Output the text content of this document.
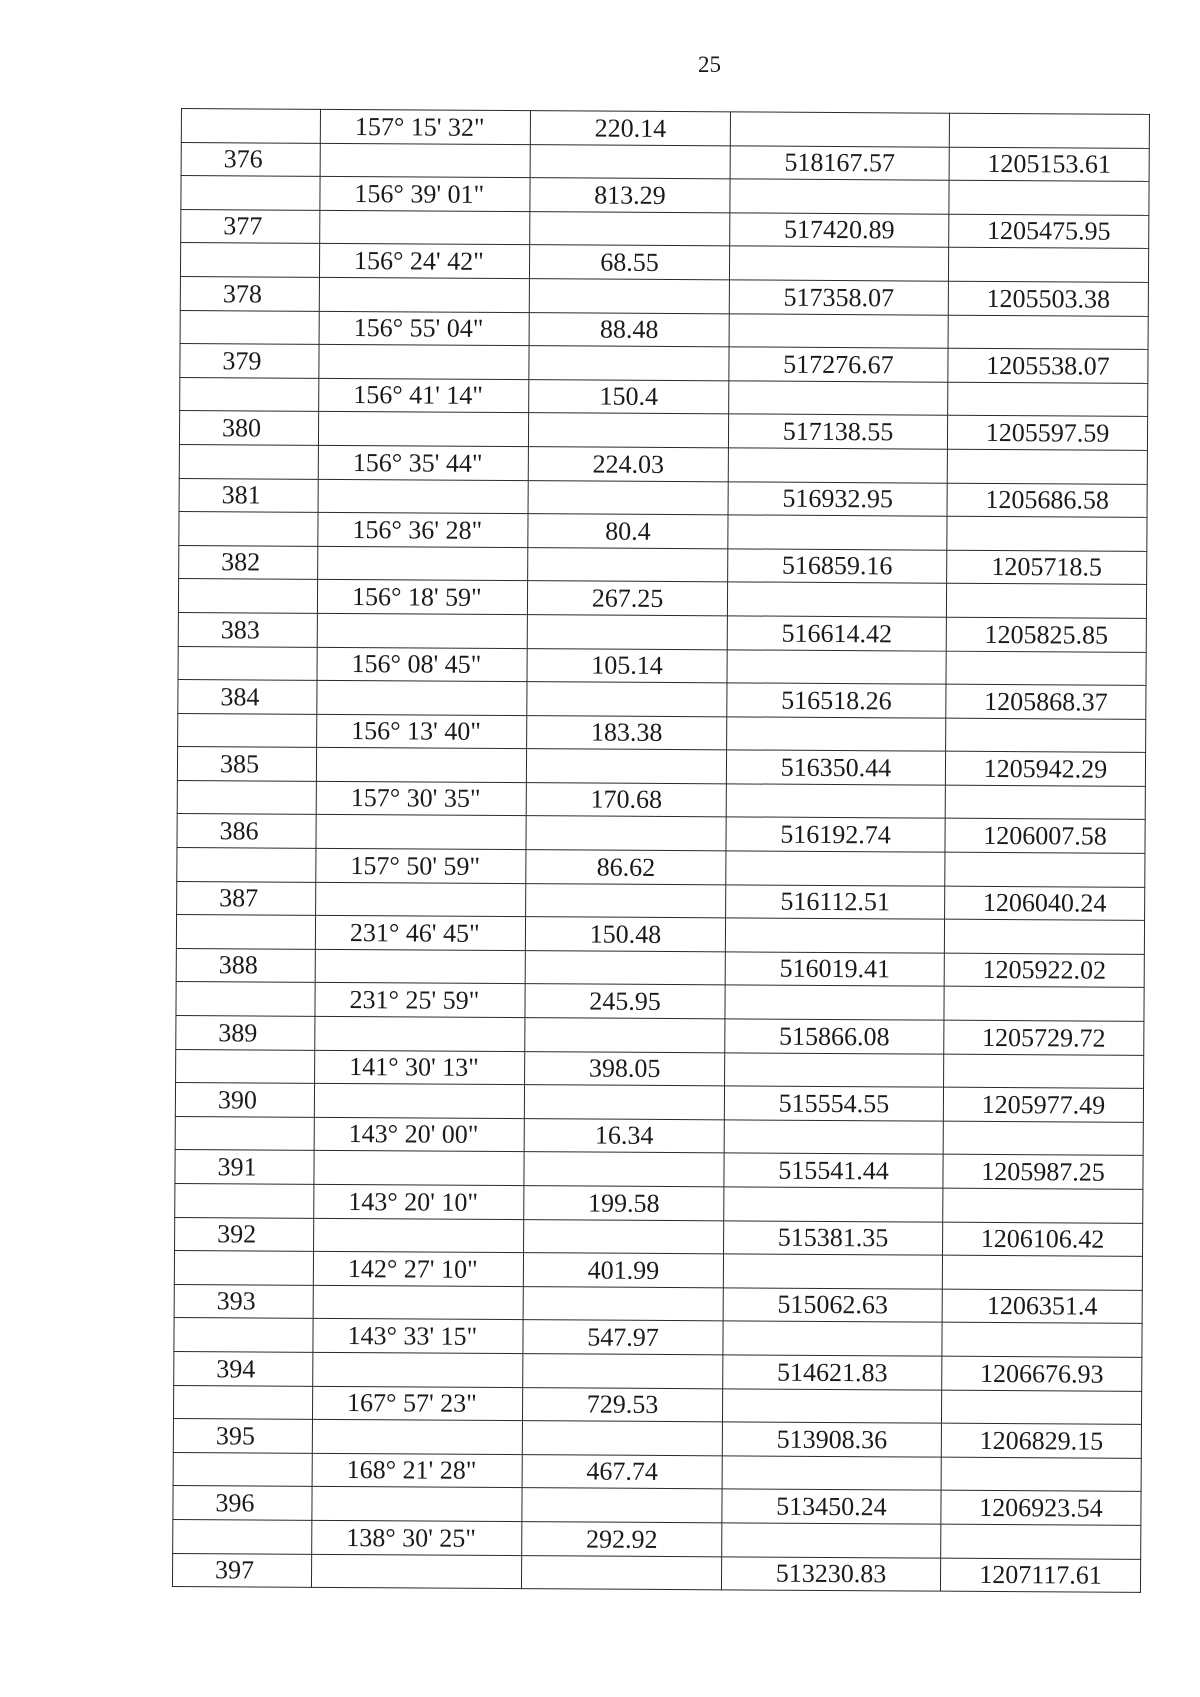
25
	157° 15' 32"	220.14		
376			518167.57	1205153.61
	156° 39' 01"	813.29		
377			517420.89	1205475.95
	156° 24' 42"	68.55		
378			517358.07	1205503.38
	156° 55' 04"	88.48		
379			517276.67	1205538.07
	156° 41' 14"	150.4		
380			517138.55	1205597.59
	156° 35' 44"	224.03		
381			516932.95	1205686.58
	156° 36' 28"	80.4		
382			516859.16	1205718.5
	156° 18' 59"	267.25		
383			516614.42	1205825.85
	156° 08' 45"	105.14		
384			516518.26	1205868.37
	156° 13' 40"	183.38		
385			516350.44	1205942.29
	157° 30' 35"	170.68		
386			516192.74	1206007.58
	157° 50' 59"	86.62		
387			516112.51	1206040.24
	231° 46' 45"	150.48		
388			516019.41	1205922.02
	231° 25' 59"	245.95		
389			515866.08	1205729.72
	141° 30' 13"	398.05		
390			515554.55	1205977.49
	143° 20' 00"	16.34		
391			515541.44	1205987.25
	143° 20' 10"	199.58		
392			515381.35	1206106.42
	142° 27' 10"	401.99		
393			515062.63	1206351.4
	143° 33' 15"	547.97		
394			514621.83	1206676.93
	167° 57' 23"	729.53		
395			513908.36	1206829.15
	168° 21' 28"	467.74		
396			513450.24	1206923.54
	138° 30' 25"	292.92		
397			513230.83	1207117.61
